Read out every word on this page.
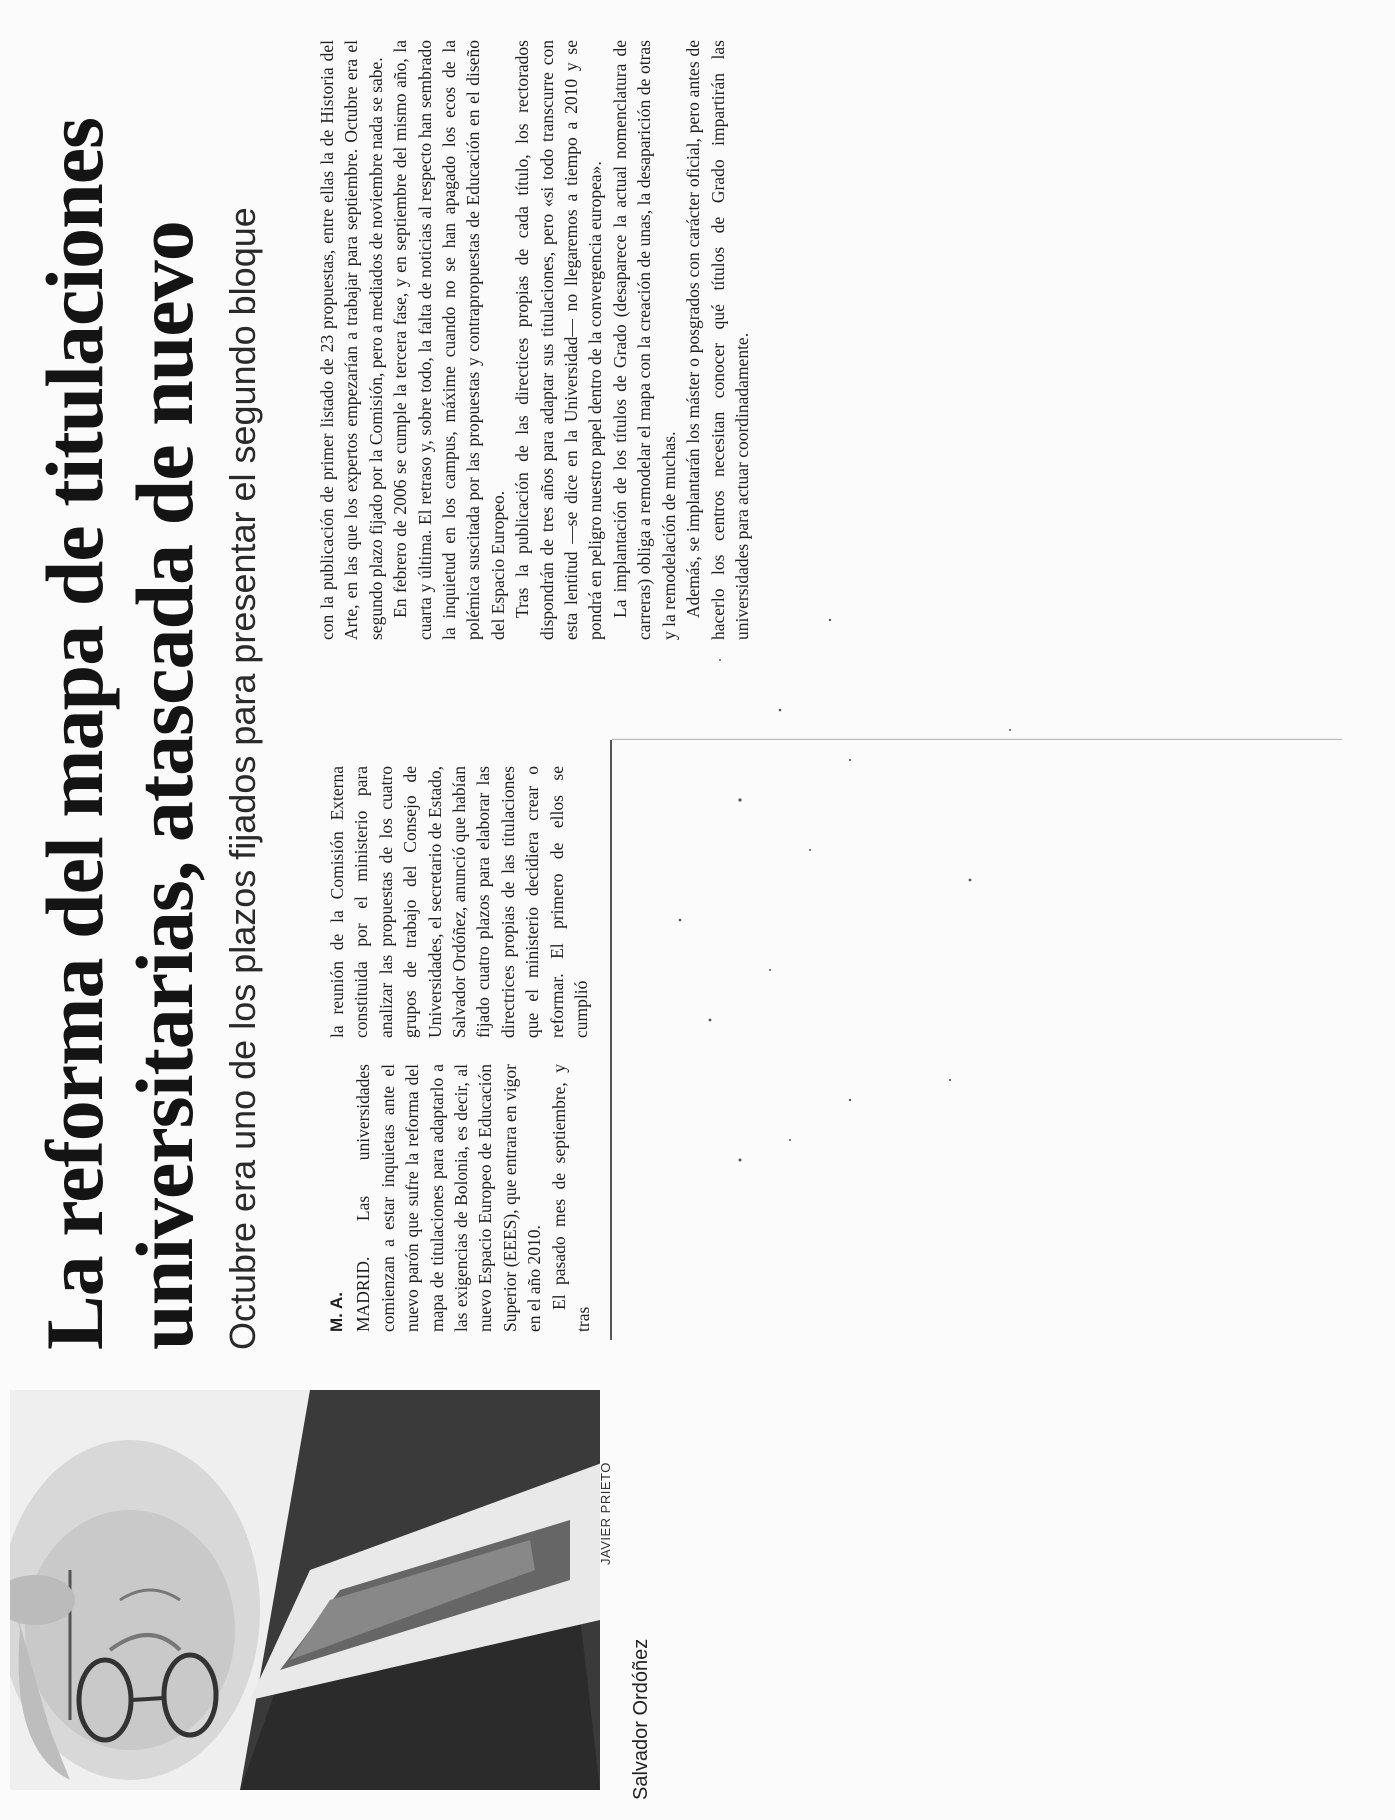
Salvador Ordóñez
JAVIER PRIETO
La reforma del mapa de titulaciones universitarias, atascada de nuevo Octubre era uno de los plazos fijados para presentar el segundo bloque	M. A. MADRID. Las universidades comienzan a estar inquietas ante el nuevo parón que sufre la reforma del mapa de titulaciones para adaptarlo a las exigencias de Bolonia, es decir, al nuevo Espacio Europeo de Educación Superior (EEES), que entrara en vigor en el año 2010. El pasado mes de septiembre, y tras

la reunión de la Comisión Externa constituida por el ministerio para analizar las propuestas de los cuatro grupos de trabajo del Consejo de Universidades, el secretario de Estado, Salvador Ordóñez, anunció que habían fijado cuatro plazos para elaborar las directrices propias de las titulaciones que el ministerio decidiera crear o reformar. El primero de ellos se cumplió

con la publicación de primer listado de 23 propuestas, entre ellas la de Historia del Arte, en las que los expertos empezarían a trabajar para septiembre. Octubre era el segundo plazo fijado por la Comisión, pero a mediados de noviembre nada se sabe. En febrero de 2006 se cumple la tercera fase, y en septiembre del mismo año, la cuarta y última. El retraso y, sobre todo, la falta de noticias al respecto han sembrado la inquietud en los campus, máxime cuando no se han apagado los ecos de la polémica suscitada por las propuestas y contrapropuestas de Educación en el diseño del Espacio Europeo. Tras la publicación de las directices propias de cada título, los rectorados dispondrán de tres años para adaptar sus titulaciones, pero «si todo transcurre con esta lentitud —se dice en la Universidad— no llegaremos a tiempo a 2010 y se pondrá en peligro nuestro papel dentro de la convergencia europea». La implantación de los títulos de Grado (desaparece la actual nomenclatura de carreras) obliga a remodelar el mapa con la creación de unas, la desaparición de otras y la remodelación de muchas. Además, se implantarán los máster o posgrados con carácter oficial, pero antes de hacerlo los centros necesitan conocer qué títulos de Grado impartirán las universidades para actuar coordinadamente.
